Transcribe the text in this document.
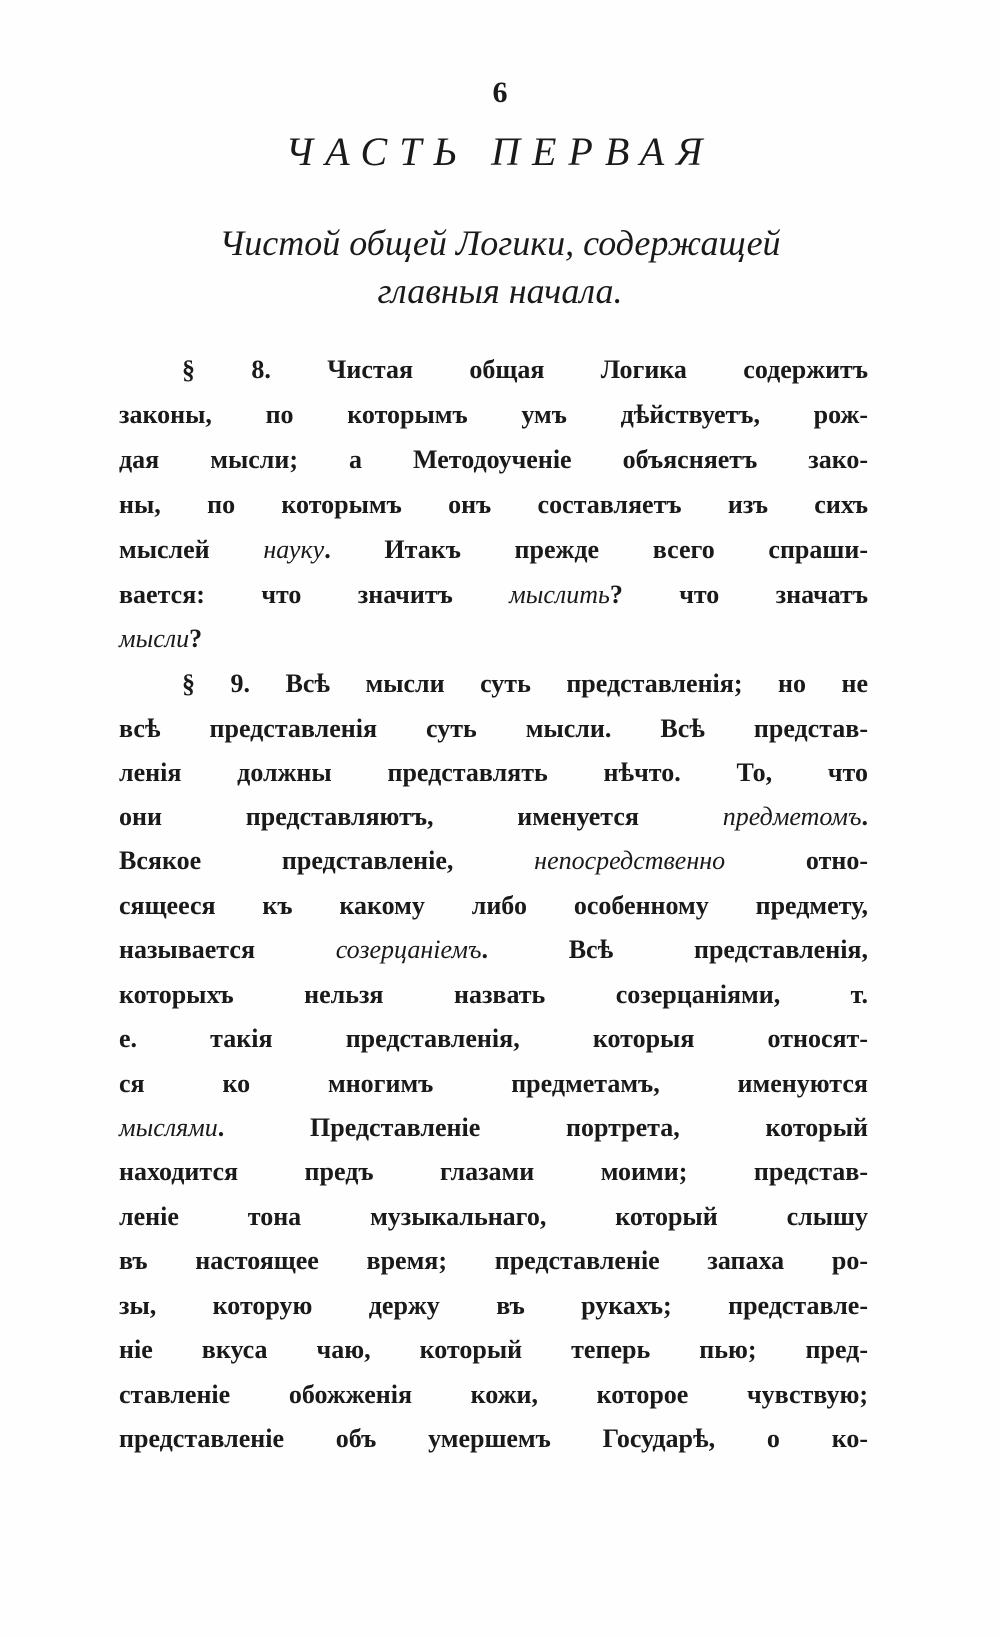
6
ЧАСТЬ ПЕРВАЯ
Чистой общей Логики, содержащей
главныя начала.
§ 8. Чистая общая Логика содержитъ
законы, по которымъ умъ дѣйствуетъ, рож-
дая мысли; а Методоученіе объясняетъ зако-
ны, по которымъ онъ составляетъ изъ сихъ
мыслей наукy. Итакъ прежде всего спраши-
вается: что значитъ мыслить? что значатъ
мысли?
§ 9. Всѣ мысли суть представленія; но не
всѣ представленія суть мысли. Всѣ представ-
ленія должны представлять нѣчто. То, что
они представляютъ, именуется предметомъ.
Всякое представленіе, непосредственно отно-
сящееся къ какому либо особенному предмету,
называется созерцаніемъ. Всѣ представленія,
которыхъ нельзя назвать созерцаніями, т.
е. такія представленія, которыя относят-
ся ко многимъ предметамъ, именуются
мыслями. Представленіе портрета, который
находится предъ глазами моими; представ-
леніе тона музыкальнаго, который слышу
въ настоящее время; представленіе запаха ро-
зы, которую держу въ рукахъ; представле-
ніе вкуса чаю, который теперь пью; пред-
ставленіе обожженія кожи, которое чувствую;
представленіе объ умершемъ Государѣ, о ко-
